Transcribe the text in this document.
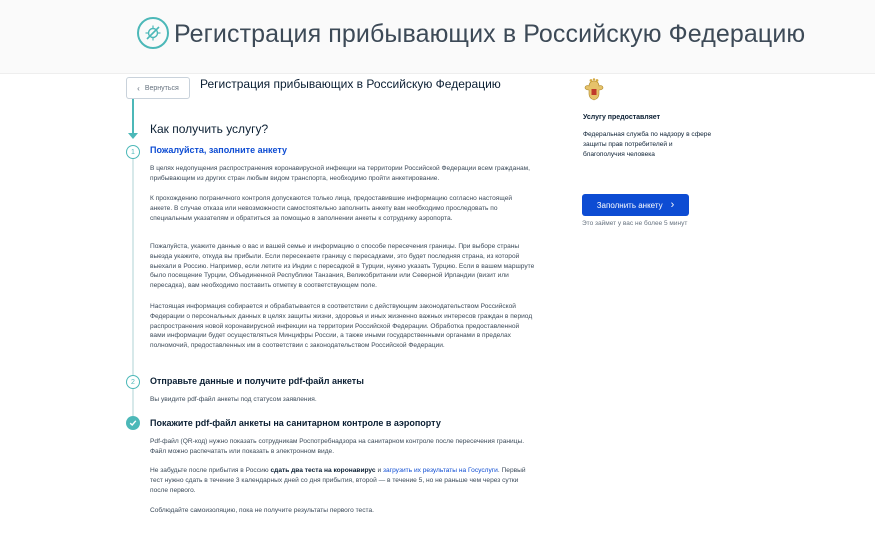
Регистрация прибывающих в Российскую Федерацию
‹ Вернуться Регистрация прибывающих в Российскую Федерацию
1
2
Как получить услугу?
Пожалуйста, заполните анкету
В целях недопущения распространения коронавирусной инфекции на территории Российской Федерации всем гражданам, прибывающим из других стран любым видом транспорта, необходимо пройти анкетирование.
К прохождению пограничного контроля допускаются только лица, предоставившие информацию согласно настоящей анкете. В случае отказа или невозможности самостоятельно заполнить анкету вам необходимо проследовать по специальным указателям и обратиться за помощью в заполнении анкеты к сотруднику аэропорта.
Пожалуйста, укажите данные о вас и вашей семье и информацию о способе пересечения границы. При выборе страны выезда укажите, откуда вы прибыли. Если пересекаете границу с пересадками, это будет последняя страна, из которой выехали в Россию. Например, если летите из Индии с пересадкой в Турции, нужно указать Турцию. Если в вашем маршруте было посещение Турции, Объединенной Республики Танзания, Великобритании или Северной Ирландии (визит или пересадка), вам необходимо поставить отметку в соответствующем поле.
Настоящая информация собирается и обрабатывается в соответствии с действующим законодательством Российской Федерации о персональных данных в целях защиты жизни, здоровья и иных жизненно важных интересов граждан в период распространения новой коронавирусной инфекции на территории Российской Федерации. Обработка предоставленной вами информации будет осуществляться Минцифры России, а также иными государственными органами в пределах полномочий, предоставленных им в соответствии с законодательством Российской Федерации.
Отправьте данные и получите pdf-файл анкеты
Вы увидите pdf-файл анкеты под статусом заявления.
Покажите pdf-файл анкеты на санитарном контроле в аэропорту
Pdf-файл (QR-код) нужно показать сотрудникам Роспотребнадзора на санитарном контроле после пересечения границы. Файл можно распечатать или показать в электронном виде.
Не забудьте после прибытия в Россию сдать два теста на коронавирус и загрузить их результаты на Госуслуги. Первый тест нужно сдать в течение 3 календарных дней со дня прибытия, второй — в течение 5, но не раньше чем через сутки после первого.
Соблюдайте самоизоляцию, пока не получите результаты первого теста.
Услугу предоставляет
Федеральная служба по надзору в сфере защиты прав потребителей и благополучия человека
Заполнить анкету ›
Это займет у вас не более 5 минут
